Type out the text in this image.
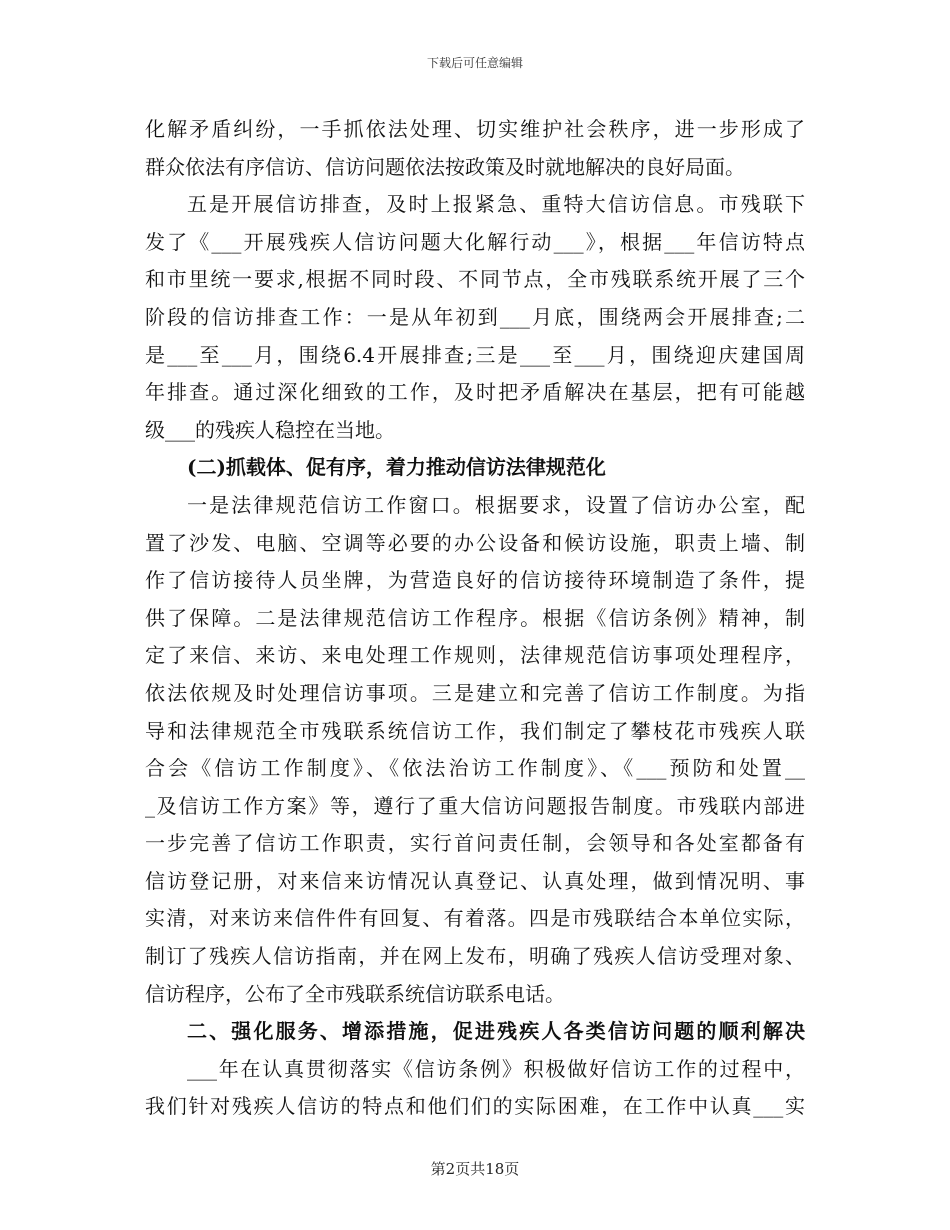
下载后可任意编辑
化解矛盾纠纷，一手抓依法处理、切实维护社会秩序，进一步形成了
群众依法有序信访、信访问题依法按政策及时就地解决的良好局面。
五是开展信访排查，及时上报紧急、重特大信访信息。市残联下
发了《___开展残疾人信访问题大化解行动___》，根据___年信访特点
和市里统一要求,根据不同时段、不同节点，全市残联系统开展了三个
阶段的信访排查工作：一是从年初到___月底，围绕两会开展排查;二
是___至___月，围绕6.4开展排查;三是___至___月，围绕迎庆建国周
年排查。通过深化细致的工作，及时把矛盾解决在基层，把有可能越
级___的残疾人稳控在当地。
(二)抓载体、促有序，着力推动信访法律规范化
一是法律规范信访工作窗口。根据要求，设置了信访办公室，配
置了沙发、电脑、空调等必要的办公设备和候访设施，职责上墙、制
作了信访接待人员坐牌，为营造良好的信访接待环境制造了条件，提
供了保障。二是法律规范信访工作程序。根据《信访条例》精神，制
定了来信、来访、来电处理工作规则，法律规范信访事项处理程序，
依法依规及时处理信访事项。三是建立和完善了信访工作制度。为指
导和法律规范全市残联系统信访工作，我们制定了攀枝花市残疾人联
合会《信访工作制度》、《依法治访工作制度》、《___预防和处置__
_及信访工作方案》等，遵行了重大信访问题报告制度。市残联内部进
一步完善了信访工作职责，实行首问责任制，会领导和各处室都备有
信访登记册，对来信来访情况认真登记、认真处理，做到情况明、事
实清，对来访来信件件有回复、有着落。四是市残联结合本单位实际，
制订了残疾人信访指南，并在网上发布，明确了残疾人信访受理对象、
信访程序，公布了全市残联系统信访联系电话。
二、强化服务、增添措施，促进残疾人各类信访问题的顺利解决
___年在认真贯彻落实《信访条例》积极做好信访工作的过程中，
我们针对残疾人信访的特点和他们们的实际困难，在工作中认真___实
第2页共18页
